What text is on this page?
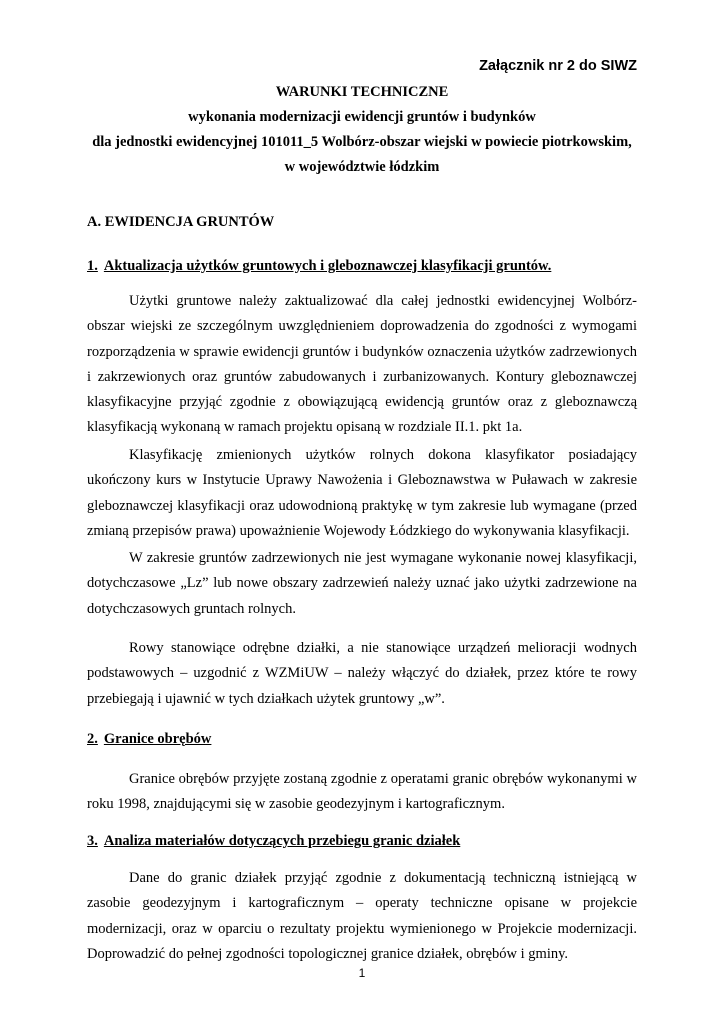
Załącznik nr 2 do SIWZ
WARUNKI TECHNICZNE
wykonania modernizacji ewidencji gruntów i budynków
dla jednostki ewidencyjnej 101011_5 Wolbórz-obszar wiejski w powiecie piotrkowskim,
w województwie łódzkim
A. EWIDENCJA GRUNTÓW
1. Aktualizacja użytków gruntowych i gleboznawczej klasyfikacji gruntów.

Użytki gruntowe należy zaktualizować dla całej jednostki ewidencyjnej Wolbórz-obszar wiejski ze szczególnym uwzględnieniem doprowadzenia do zgodności z wymogami rozporządzenia w sprawie ewidencji gruntów i budynków oznaczenia użytków zadrzewionych i zakrzewionych oraz gruntów zabudowanych i zurbanizowanych. Kontury gleboznawczej klasyfikacyjne przyjąć zgodnie z obowiązującą ewidencją gruntów oraz z gleboznawczą klasyfikacją wykonaną w ramach projektu opisaną w rozdziale II.1. pkt 1a.

Klasyfikację zmienionych użytków rolnych dokona klasyfikator posiadający ukończony kurs w Instytucie Uprawy Nawożenia i Gleboznawstwa w Puławach w zakresie gleboznawczej klasyfikacji oraz udowodnioną praktykę w tym zakresie lub wymagane (przed zmianą przepisów prawa) upoważnienie Wojewody Łódzkiego do wykonywania klasyfikacji.

W zakresie gruntów zadrzewionych nie jest wymagane wykonanie nowej klasyfikacji, dotychczasowe „Lz” lub nowe obszary zadrzewień należy uznać jako użytki zadrzewione na dotychczasowych gruntach rolnych.

Rowy stanowiące odrębne działki, a nie stanowiące urządzeń melioracji wodnych podstawowych – uzgodnić z WZMiUW – należy włączyć do działek, przez które te rowy przebiegają i ujawnić w tych działkach użytek gruntowy „w”.

2. Granice obrębów

Granice obrębów przyjęte zostaną zgodnie z operatami granic obrębów wykonanymi w roku 1998, znajdującymi się w zasobie geodezyjnym i kartograficznym.

3. Analiza materiałów dotyczących przebiegu granic działek

Dane do granic działek przyjąć zgodnie z dokumentacją techniczną istniejącą w zasobie geodezyjnym i kartograficznym – operaty techniczne opisane w projekcie modernizacji, oraz w oparciu o rezultaty projektu wymienionego w Projekcie modernizacji. Doprowadzić do pełnej zgodności topologicznej granice działek, obrębów i gminy.

1
